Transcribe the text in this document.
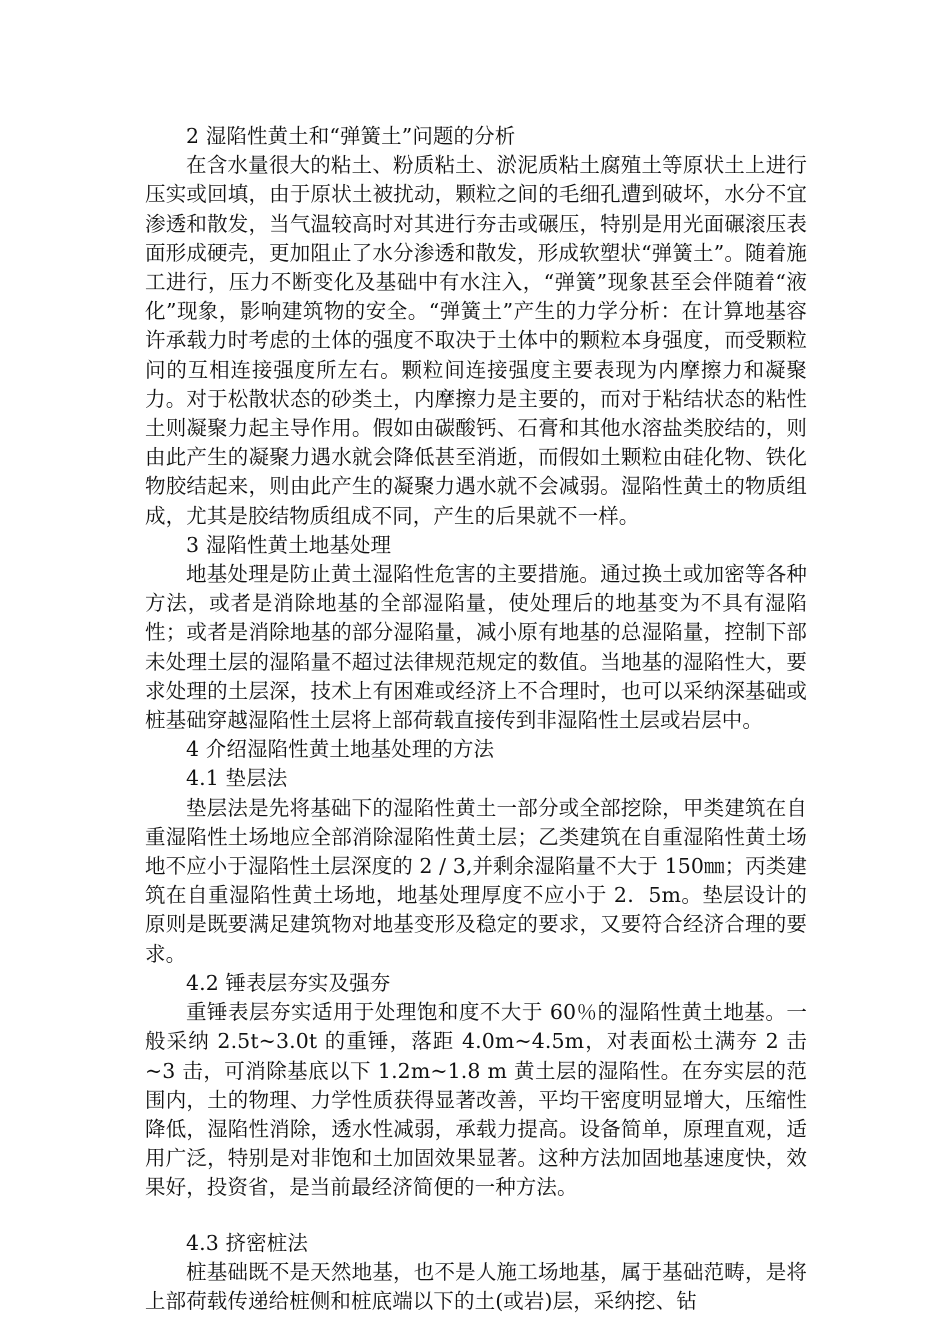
2 湿陷性黄土和“弹簧土”问题的分析

在含水量很大的粘土、粉质粘土、淤泥质粘土腐殖土等原状土上进行压实或回填，由于原状土被扰动，颗粒之间的毛细孔遭到破坏，水分不宜渗透和散发，当气温较高时对其进行夯击或碾压，特别是用光面碾滚压表面形成硬壳，更加阻止了水分渗透和散发，形成软塑状“弹簧土”。随着施工进行，压力不断变化及基础中有水注入，“弹簧”现象甚至会伴随着“液化”现象，影响建筑物的安全。“弹簧土”产生的力学分析：在计算地基容许承载力时考虑的土体的强度不取决于土体中的颗粒本身强度，而受颗粒问的互相连接强度所左右。颗粒间连接强度主要表现为内摩擦力和凝聚力。对于松散状态的砂类土，内摩擦力是主要的，而对于粘结状态的粘性土则凝聚力起主导作用。假如由碳酸钙、石膏和其他水溶盐类胶结的，则由此产生的凝聚力遇水就会降低甚至消逝，而假如土颗粒由硅化物、铁化物胶结起来，则由此产生的凝聚力遇水就不会减弱。湿陷性黄土的物质组成，尤其是胶结物质组成不同，产生的后果就不一样。

3 湿陷性黄土地基处理

地基处理是防止黄土湿陷性危害的主要措施。通过换土或加密等各种方法，或者是消除地基的全部湿陷量，使处理后的地基变为不具有湿陷性；或者是消除地基的部分湿陷量，减小原有地基的总湿陷量，控制下部未处理土层的湿陷量不超过法律规范规定的数值。当地基的湿陷性大，要求处理的土层深，技术上有困难或经济上不合理时，也可以采纳深基础或桩基础穿越湿陷性土层将上部荷载直接传到非湿陷性土层或岩层中。

4 介绍湿陷性黄土地基处理的方法
4.1 垫层法

垫层法是先将基础下的湿陷性黄土一部分或全部挖除，甲类建筑在自重湿陷性土场地应全部消除湿陷性黄土层；乙类建筑在自重湿陷性黄土场地不应小于湿陷性土层深度的 2 / 3,并剩余湿陷量不大于 150㎜；丙类建筑在自重湿陷性黄土场地，地基处理厚度不应小于 2．5m。垫层设计的原则是既要满足建筑物对地基变形及稳定的要求，又要符合经济合理的要求。

4.2 锤表层夯实及强夯

重锤表层夯实适用于处理饱和度不大于 60％的湿陷性黄土地基。一般采纳 2.5t~3.0t 的重锤，落距 4.0m~4.5m，对表面松土满夯 2 击~3 击，可消除基底以下 1.2m~1.8 m 黄土层的湿陷性。在夯实层的范围内，土的物理、力学性质获得显著改善，平均干密度明显增大，压缩性降低，湿陷性消除，透水性减弱，承载力提高。设备简单，原理直观，适用广泛，特别是对非饱和土加固效果显著。这种方法加固地基速度快，效果好，投资省，是当前最经济简便的一种方法。

4.3 挤密桩法

桩基础既不是天然地基，也不是人施工场地基，属于基础范畴，是将上部荷载传递给桩侧和桩底端以下的土(或岩)层，采纳挖、钻
